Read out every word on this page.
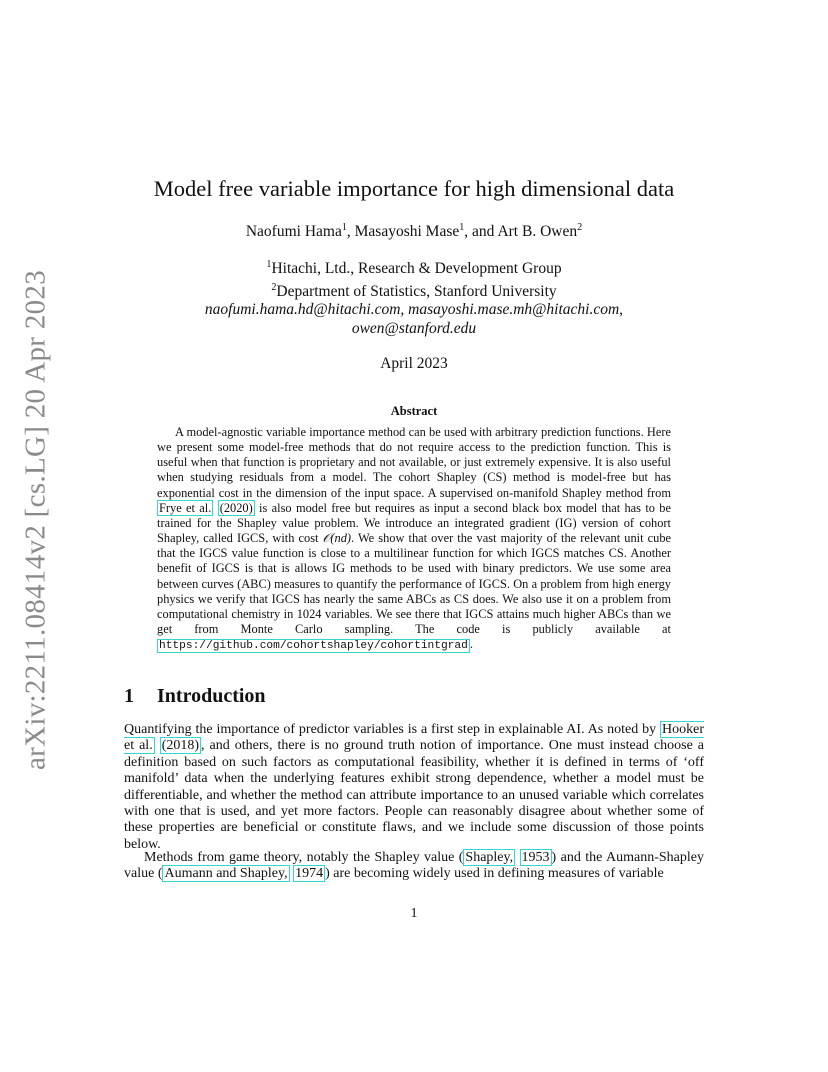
arXiv:2211.08414v2 [cs.LG] 20 Apr 2023
Model free variable importance for high dimensional data
Naofumi Hama$^1$, Masayoshi Mase$^1$, and Art B. Owen$^2$
$^1$Hitachi, Ltd., Research & Development Group
$^2$Department of Statistics, Stanford University
naofumi.hama.hd@hitachi.com, masayoshi.mase.mh@hitachi.com,
owen@stanford.edu
April 2023
Abstract

A model-agnostic variable importance method can be used with arbitrary prediction functions. Here we present some model-free methods that do not require access to the prediction function. This is useful when that function is proprietary and not available, or just extremely expensive. It is also useful when studying residuals from a model. The cohort Shapley (CS) method is model-free but has exponential cost in the dimension of the input space. A supervised on-manifold Shapley method from Frye et al. (2020) is also model free but requires as input a second black box model that has to be trained for the Shapley value problem. We introduce an integrated gradient (IG) version of cohort Shapley, called IGCS, with cost 𝒪(nd). We show that over the vast majority of the relevant unit cube that the IGCS value function is close to a multilinear function for which IGCS matches CS. Another benefit of IGCS is that is allows IG methods to be used with binary predictors. We use some area between curves (ABC) measures to quantify the performance of IGCS. On a problem from high energy physics we verify that IGCS has nearly the same ABCs as CS does. We also use it on a problem from computational chemistry in 1024 variables. We see there that IGCS attains much higher ABCs than we get from Monte Carlo sampling. The code is publicly available at https://github.com/cohortshapley/cohortintgrad .

1 Introduction

Quantifying the importance of predictor variables is a first step in explainable AI. As noted by Hooker et al. (2018) , and others, there is no ground truth notion of importance. One must instead choose a definition based on such factors as computational feasibility, whether it is defined in terms of ‘off manifold’ data when the underlying features exhibit strong dependence, whether a model must be differentiable, and whether the method can attribute importance to an unused variable which correlates with one that is used, and yet more factors. People can reasonably disagree about whether some of these properties are beneficial or constitute flaws, and we include some discussion of those points below.

Methods from game theory, notably the Shapley value ( Shapley, 1953 ) and the Aumann-Shapley value ( Aumann and Shapley, 1974 ) are becoming widely used in defining measures of variable

1
